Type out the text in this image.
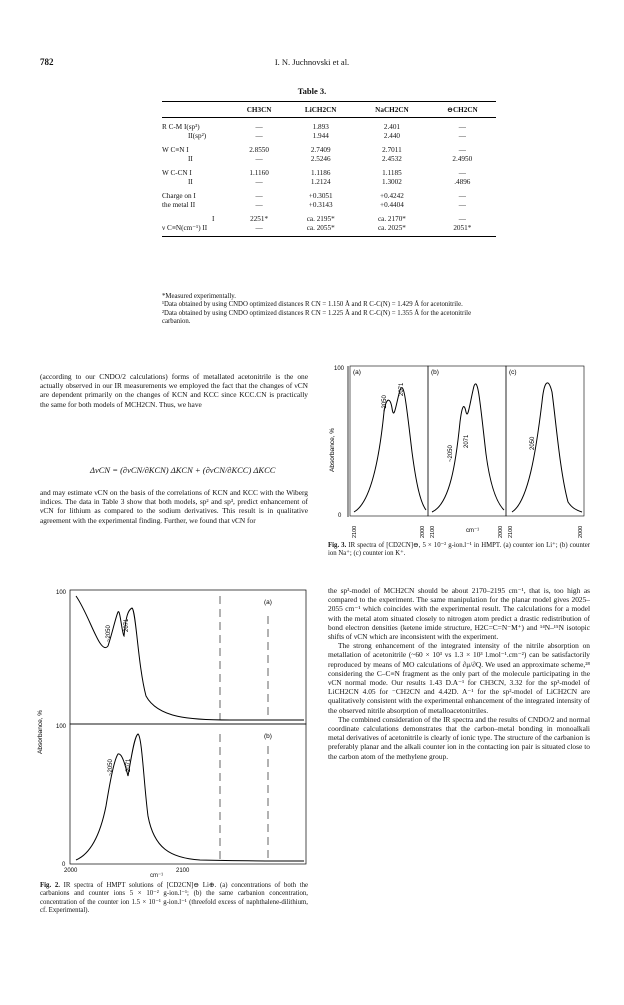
782	I. N. Juchnovski et al.
Table 3.
	CH3CN	LiCH2CN	NaCH2CN	⊖CH2CN
R C-M I(sp³)	—	1.893	2.401	—
II(sp²)	—	1.944	2.440	—
W C≡N I	2.8550	2.7409	2.7011	—
II	—	2.5246	2.4532	2.4950
W C-CN I	1.1160	1.1186	1.1185	—
II	—	1.2124	1.3002	.4896
Charge on I	—	+0.3051	+0.4242	—
the metal II	—	+0.3143	+0.4404	—
I	2251*	ca. 2195*	ca. 2170*	—
ν C≡N(cm⁻¹) II	—	ca. 2055*	ca. 2025*	2051*
*Measured experimentally.
¹Data obtained by using CNDO optimized distances R CN = 1.150 Å and R C-C(N) = 1.429 Å for acetonitrile.
²Data obtained by using CNDO optimized distances R CN = 1.225 Å and R C-C(N) = 1.355 Å for the acetonitrile carbanion.
(according to our CNDO/2 calculations) forms of metallated acetonitrile is the one actually observed in our IR measurements we employed the fact that the changes of νCN are dependent primarily on the changes of KCN and KCC since KCC.CN is practically the same for both models of MCH2CN. Thus, we have
ΔνCN = (∂νCN/∂KCN) ΔKCN + (∂νCN/∂KCC) ΔKCC
and may estimate νCN on the basis of the correlations of KCN and KCC with the Wiberg indices. The data in Table 3 show that both models, sp² and sp³, predict enhancement of νCN for lithium as compared to the sodium derivatives. This result is in qualitative agreement with the experimental finding. Further, we found that νCN for
100
0
Absorbance, %
(a)	(b)	(c)
~2050
2071
~2050
2071	2050
2100	2000 2100	2000 2100	2000
cm⁻¹
Fig. 3. IR spectra of [CD2CN]⊖, 5 × 10⁻² g-ion.l⁻¹ in HMPT. (a) counter ion Li⁺; (b) counter ion Na⁺; (c) counter ion K⁺.
100
100
0
Absorbance, %
(a)
(b)
~2050 2071
~2050 2071
2000	2100
cm⁻¹
Fig. 2. IR spectra of HMPT solutions of [CD2CN]⊖ Li⊕. (a) concentrations of both the carbanions and counter ions 5 × 10⁻² g-ion.l⁻¹; (b) the same carbanion concentration, concentration of the counter ion 1.5 × 10⁻¹ g-ion.l⁻¹ (threefold excess of naphthalene-dilithium, cf. Experimental).
the sp³-model of MCH2CN should be about 2170–2195 cm⁻¹, that is, too high as compared to the experiment. The same manipulation for the planar model gives 2025–2055 cm⁻¹ which coincides with the experimental result. The calculations for a model with the metal atom situated closely to nitrogen atom predict a drastic redistribution of bond electron densities (ketene imide structure, H2C=C=N⁻M⁺) and ¹⁴N–¹⁵N isotopic shifts of νCN which are inconsistent with the experiment.
The strong enhancement of the integrated intensity of the nitrile absorption on metallation of acetonitrile (~60 × 10³ vs 1.3 × 10³ l.mol⁻¹.cm⁻²) can be satisfactorily reproduced by means of MO calculations of ∂μ/∂Q. We used an approximate scheme,²⁸ considering the C–C≡N fragment as the only part of the molecule participating in the νCN normal mode. Our results 1.43 D.A⁻¹ for CH3CN, 3.32 for the sp³-model of LiCH2CN 4.05 for ⁻CH2CN and 4.42D. A⁻¹ for the sp²-model of LiCH2CN are qualitatively consistent with the experimental enhancement of the integrated intensity of the observed nitrile absorption of metalloacetonitriles.
The combined consideration of the IR spectra and the results of CNDO/2 and normal coordinate calculations demonstrates that the carbon–metal bonding in monoalkali metal derivatives of acetonitrile is clearly of ionic type. The structure of the carbanion is preferably planar and the alkali counter ion in the contacting ion pair is situated close to the carbon atom of the methylene group.
